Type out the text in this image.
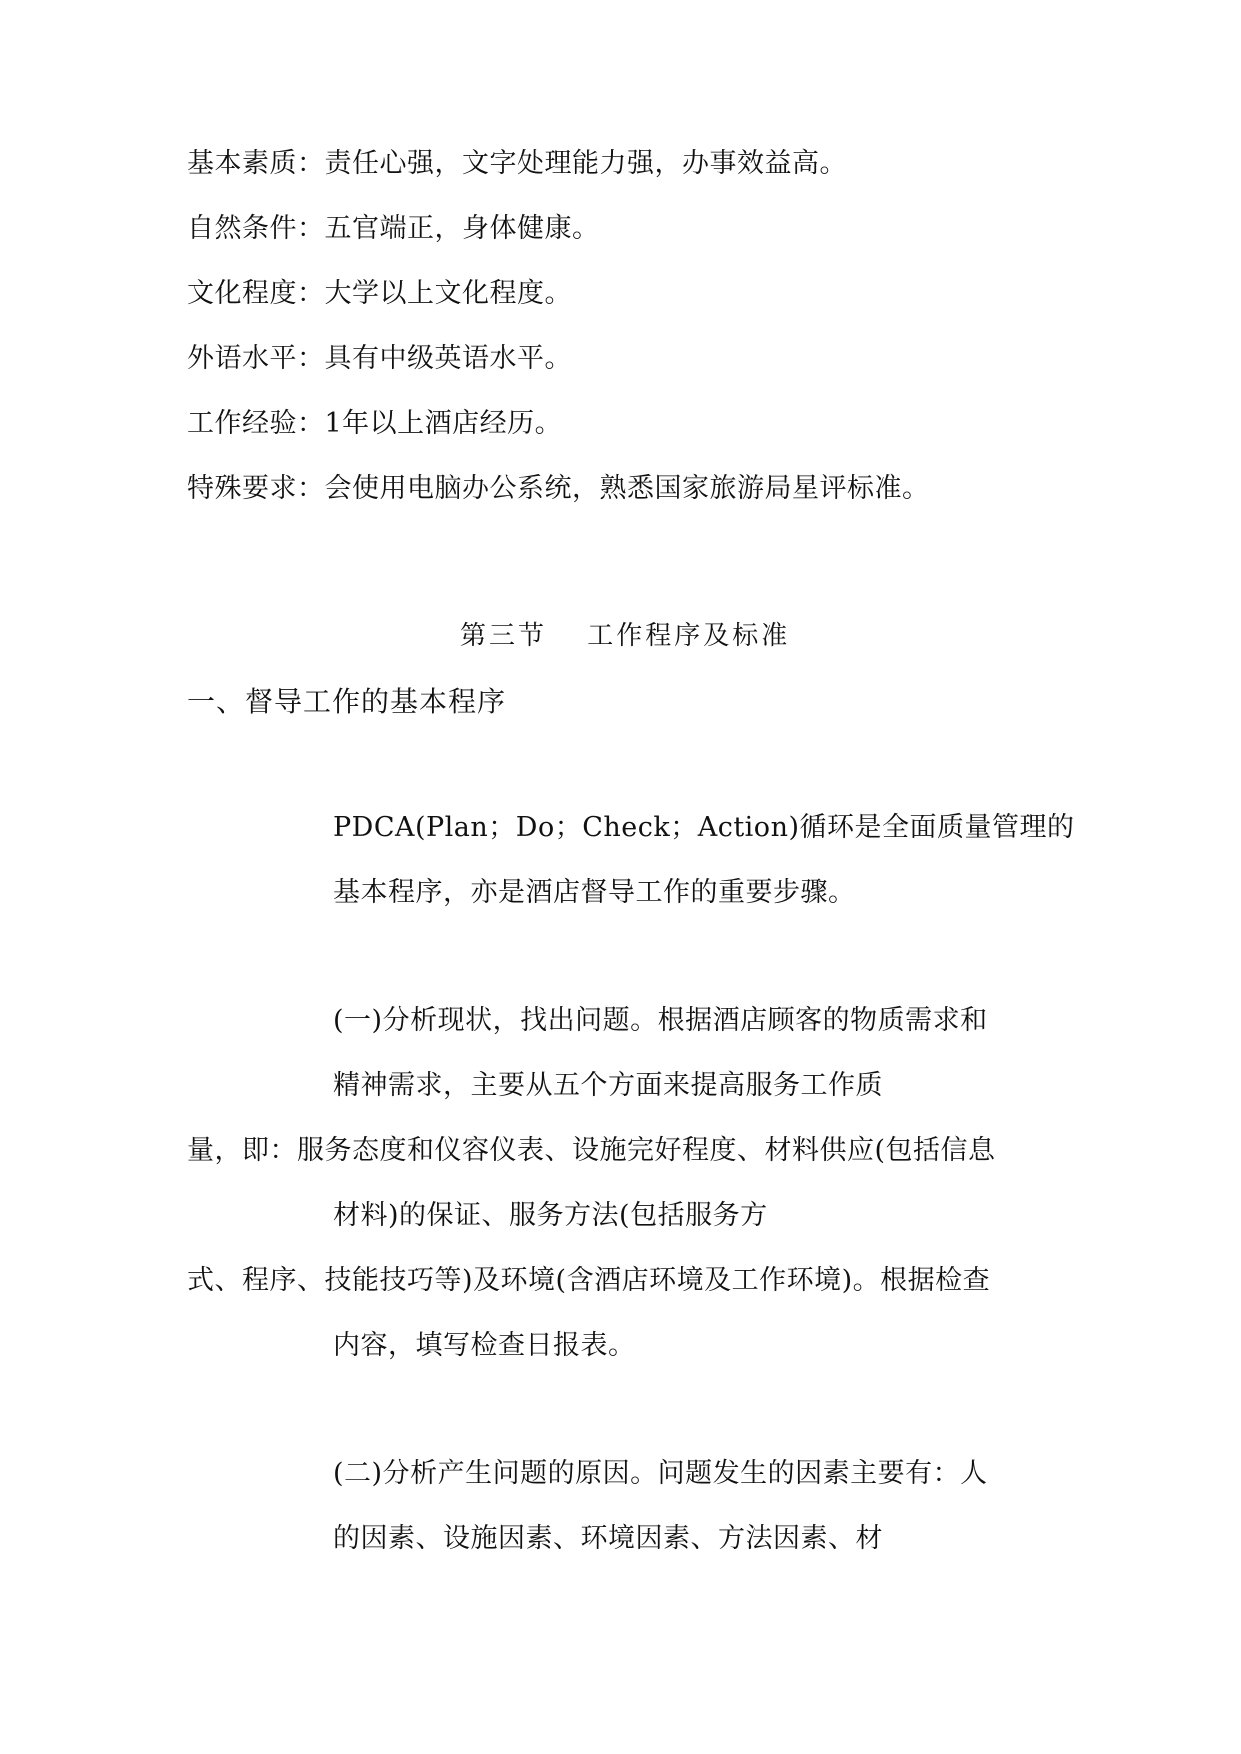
基本素质：责任心强，文字处理能力强，办事效益高。
自然条件：五官端正，身体健康。
文化程度：大学以上文化程度。
外语水平：具有中级英语水平。
工作经验：1年以上酒店经历。
特殊要求：会使用电脑办公系统，熟悉国家旅游局星评标准。
第三节　 工作程序及标准
一、督导工作的基本程序
PDCA(Plan；Do；Check；Action)循环是全面质量管理的
基本程序，亦是酒店督导工作的重要步骤。
(一)分析现状，找出问题。根据酒店顾客的物质需求和
精神需求，主要从五个方面来提高服务工作质
量，即：服务态度和仪容仪表、设施完好程度、材料供应(包括信息
材料)的保证、服务方法(包括服务方
式、程序、技能技巧等)及环境(含酒店环境及工作环境)。根据检查
内容，填写检查日报表。
(二)分析产生问题的原因。问题发生的因素主要有：人
的因素、设施因素、环境因素、方法因素、材
